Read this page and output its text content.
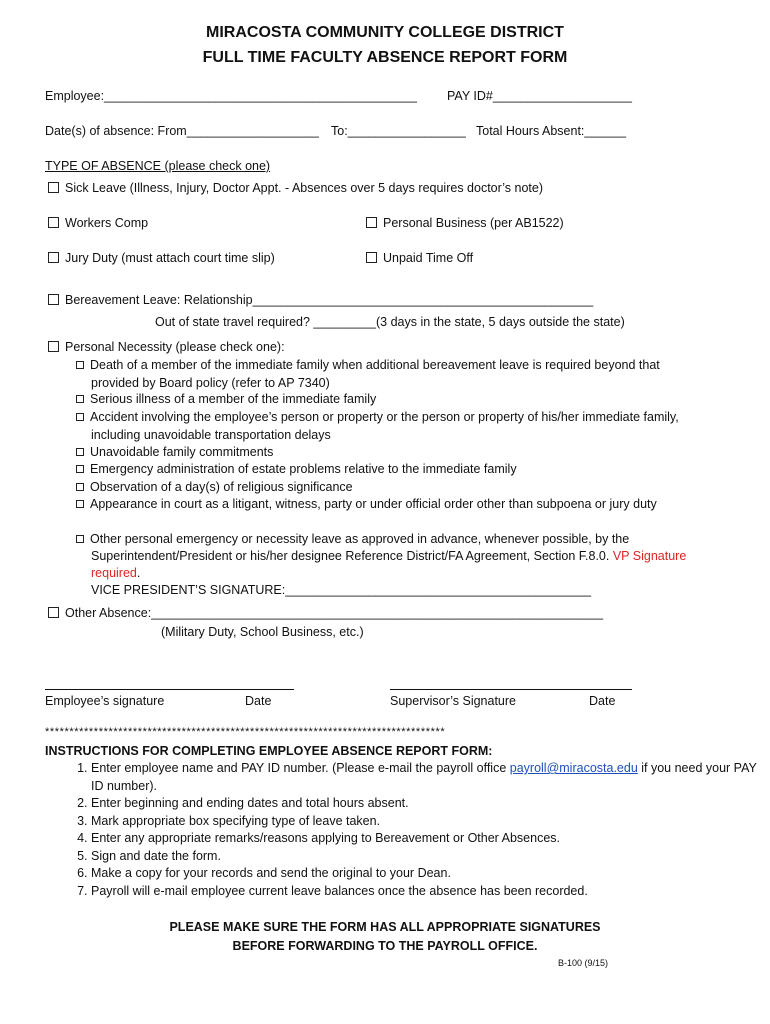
MIRACOSTA COMMUNITY COLLEGE DISTRICT
FULL TIME FACULTY ABSENCE REPORT FORM
Employee:_____________________________________________ PAY ID#____________________
Date(s) of absence: From___________________ To:_________________ Total Hours Absent:______
TYPE OF ABSENCE (please check one)
Sick Leave (Illness, Injury, Doctor Appt. - Absences over 5 days requires doctor’s note)
Workers Comp	Personal Business (per AB1522)
Jury Duty (must attach court time slip)	Unpaid Time Off
Bereavement Leave: Relationship_________________________________________________
Out of state travel required? _________(3 days in the state, 5 days outside the state)
Personal Necessity (please check one):
Death of a member of the immediate family when additional bereavement leave is required beyond that
provided by Board policy (refer to AP 7340)
Serious illness of a member of the immediate family
Accident involving the employee’s person or property or the person or property of his/her immediate family,
including unavoidable transportation delays
Unavoidable family commitments
Emergency administration of estate problems relative to the immediate family
Observation of a day(s) of religious significance
Appearance in court as a litigant, witness, party or under official order other than subpoena or jury duty
Other personal emergency or necessity leave as approved in advance, whenever possible, by the
Superintendent/President or his/her designee Reference District/FA Agreement, Section F.8.0. VP Signature
required.
VICE PRESIDENT’S SIGNATURE:____________________________________________
Other Absence:_________________________________________________________________
(Military Duty, School Business, etc.)
Employee’s signature	Date	Supervisor’s Signature	Date
**********************************************************************************
INSTRUCTIONS FOR COMPLETING EMPLOYEE ABSENCE REPORT FORM:
1. Enter employee name and PAY ID number. (Please e-mail the payroll office payroll@miracosta.edu if you need your PAY ID number).
2. Enter beginning and ending dates and total hours absent.
3. Mark appropriate box specifying type of leave taken.
4. Enter any appropriate remarks/reasons applying to Bereavement or Other Absences.
5. Sign and date the form.
6. Make a copy for your records and send the original to your Dean.
7. Payroll will e-mail employee current leave balances once the absence has been recorded.
PLEASE MAKE SURE THE FORM HAS ALL APPROPRIATE SIGNATURES
BEFORE FORWARDING TO THE PAYROLL OFFICE.
B-100 (9/15)
